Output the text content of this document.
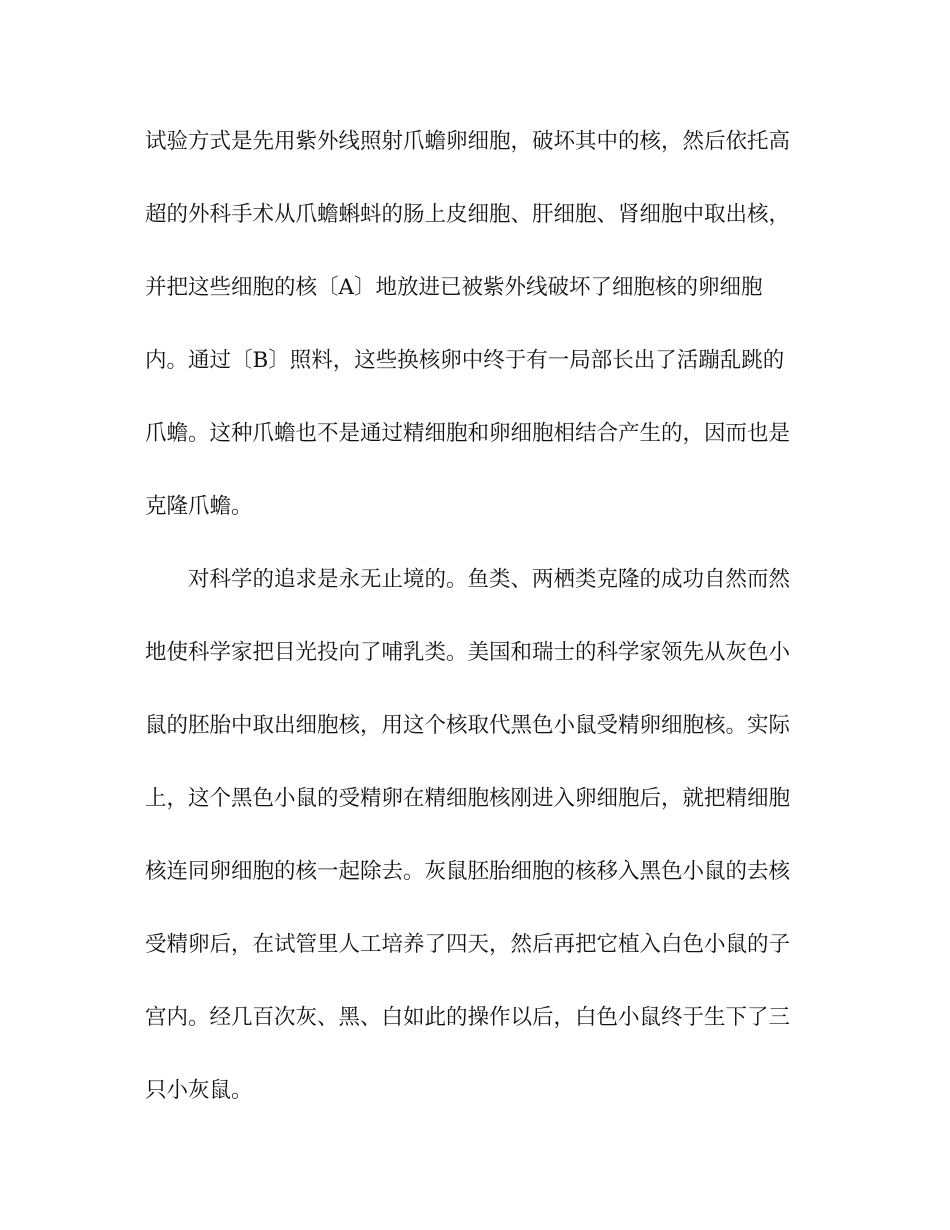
试验方式是先用紫外线照射爪蟾卵细胞，破坏其中的核，然后依托高

超的外科手术从爪蟾蝌蚪的肠上皮细胞、肝细胞、肾细胞中取出核，

并把这些细胞的核〔A〕地放进已被紫外线破坏了细胞核的卵细胞

内。通过〔B〕照料，这些换核卵中终于有一局部长出了活蹦乱跳的

爪蟾。这种爪蟾也不是通过精细胞和卵细胞相结合产生的，因而也是

克隆爪蟾。

对科学的追求是永无止境的。鱼类、两栖类克隆的成功自然而然

地使科学家把目光投向了哺乳类。美国和瑞士的科学家领先从灰色小

鼠的胚胎中取出细胞核，用这个核取代黑色小鼠受精卵细胞核。实际

上，这个黑色小鼠的受精卵在精细胞核刚进入卵细胞后，就把精细胞

核连同卵细胞的核一起除去。灰鼠胚胎细胞的核移入黑色小鼠的去核

受精卵后，在试管里人工培养了四天，然后再把它植入白色小鼠的子

宫内。经几百次灰、黑、白如此的操作以后，白色小鼠终于生下了三

只小灰鼠。
